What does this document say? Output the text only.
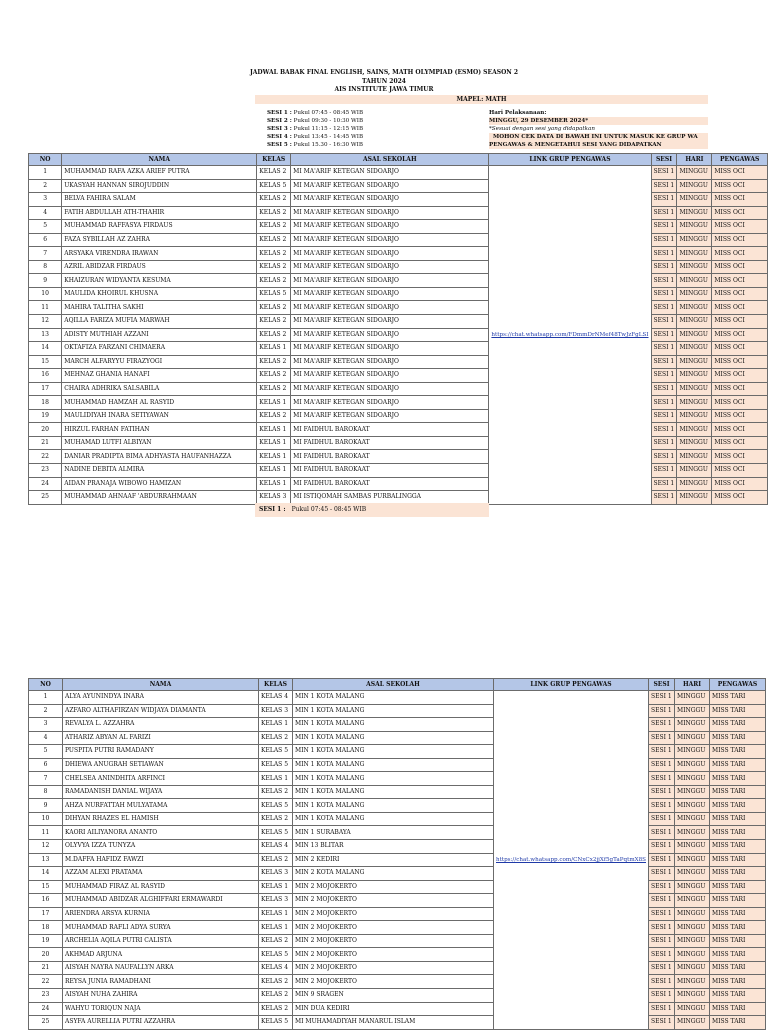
JADWAL BABAK FINAL ENGLISH, SAINS, MATH OLYMPIAD (ESMO) SEASON 2
TAHUN 2024
AIS INSTITUTE JAWA TIMUR
MAPEL: MATH
SESI 1 : Pukul 07:45 - 08:45 WIB
SESI 2 : Pukul 09:30 - 10:30 WIB
SESI 3 : Pukul 11:15 - 12:15 WIB
SESI 4 : Pukul 13:45 - 14:45 WIB
SESI 5 : Pukul 15.30 - 16:30 WIB
Hari Pelaksanaan:
MINGGU, 29 DESEMBER 2024*
*Sesuai dengan sesi yang didapatkan
MOHON CEK DATA DI BAWAH INI UNTUK MASUK KE GRUP WA
PENGAWAS & MENGETAHUI SESI YANG DIDAPATKAN
NO	NAMA	KELAS	ASAL SEKOLAH	LINK GRUP PENGAWAS	SESI	HARI	PENGAWAS
1	MUHAMMAD RAFA AZKA ARIEF PUTRA	KELAS 2	MI MA'ARIF KETEGAN SIDOARJO	https://chat.whatsapp.com/FDmmDrNMef48TwJzFgLSI	SESI 1	MINGGU	MISS OCI
2	UKASYAH HANNAN SIROJUDDIN	KELAS 5	MI MA'ARIF KETEGAN SIDOARJO		SESI 1	MINGGU	MISS OCI
3	BELVA FAHIRA SALAM	KELAS 2	MI MA'ARIF KETEGAN SIDOARJO		SESI 1	MINGGU	MISS OCI
4	FATIH ABDULLAH ATH-THAHIR	KELAS 2	MI MA'ARIF KETEGAN SIDOARJO		SESI 1	MINGGU	MISS OCI
5	MUHAMMAD RAFFASYA FIRDAUS	KELAS 2	MI MA'ARIF KETEGAN SIDOARJO		SESI 1	MINGGU	MISS OCI
6	FAZA SYBILLAH AZ ZAHRA	KELAS 2	MI MA'ARIF KETEGAN SIDOARJO		SESI 1	MINGGU	MISS OCI
7	ARSYAKA VIRENDRA IRAWAN	KELAS 2	MI MA'ARIF KETEGAN SIDOARJO		SESI 1	MINGGU	MISS OCI
8	AZRIL ABIDZAR FIRDAUS	KELAS 2	MI MA'ARIF KETEGAN SIDOARJO		SESI 1	MINGGU	MISS OCI
9	KHAIZURAN WIDYANTA KESUMA	KELAS 2	MI MA'ARIF KETEGAN SIDOARJO		SESI 1	MINGGU	MISS OCI
10	MAULIDA KHOIRUL KHUSNA	KELAS 5	MI MA'ARIF KETEGAN SIDOARJO		SESI 1	MINGGU	MISS OCI
11	MAHIRA TALITHA SAKHI	KELAS 2	MI MA'ARIF KETEGAN SIDOARJO		SESI 1	MINGGU	MISS OCI
12	AQILLA FARIZA MUFIA MARWAH	KELAS 2	MI MA'ARIF KETEGAN SIDOARJO		SESI 1	MINGGU	MISS OCI
13	ADISTY MUTHIAH AZZANI	KELAS 2	MI MA'ARIF KETEGAN SIDOARJO		SESI 1	MINGGU	MISS OCI
14	OKTAFIZA FARZANI CHIMAERA	KELAS 1	MI MA'ARIF KETEGAN SIDOARJO		SESI 1	MINGGU	MISS OCI
15	MARCH ALFARYYU FIRAZYOGI	KELAS 2	MI MA'ARIF KETEGAN SIDOARJO		SESI 1	MINGGU	MISS OCI
16	MEHNAZ GHANIA HANAFI	KELAS 2	MI MA'ARIF KETEGAN SIDOARJO		SESI 1	MINGGU	MISS OCI
17	CHAIRA ADHRIKA SALSABILA	KELAS 2	MI MA'ARIF KETEGAN SIDOARJO		SESI 1	MINGGU	MISS OCI
18	MUHAMMAD HAMZAH AL RASYID	KELAS 1	MI MA'ARIF KETEGAN SIDOARJO		SESI 1	MINGGU	MISS OCI
19	MAULIDIYAH INARA SETIYAWAN	KELAS 2	MI MA'ARIF KETEGAN SIDOARJO		SESI 1	MINGGU	MISS OCI
20	HIRZUL FARHAN FATIHAN	KELAS 1	MI FAIDHUL BAROKAAT		SESI 1	MINGGU	MISS OCI
21	MUHAMAD LUTFI ALBIYAN	KELAS 1	MI FAIDHUL BAROKAAT		SESI 1	MINGGU	MISS OCI
22	DANIAR PRADIPTA BIMA ADHYASTA HAUFANHAZZA	KELAS 1	MI FAIDHUL BAROKAAT		SESI 1	MINGGU	MISS OCI
23	NADINE DEBITA ALMIRA	KELAS 1	MI FAIDHUL BAROKAAT		SESI 1	MINGGU	MISS OCI
24	AIDAN PRANAJA WIBOWO HAMIZAN	KELAS 1	MI FAIDHUL BAROKAAT		SESI 1	MINGGU	MISS OCI
25	MUHAMMAD AHNAAF 'ABDURRAHMAAN	KELAS 3	MI ISTIQOMAH SAMBAS PURBALINGGA		SESI 1	MINGGU	MISS OCI
SESI 1 : Pukul 07:45 - 08:45 WIB
NO	NAMA	KELAS	ASAL SEKOLAH	LINK GRUP PENGAWAS	SESI	HARI	PENGAWAS
1	ALYA AYUNINDYA INARA	KELAS 4	MIN 1 KOTA MALANG	https://chat.whatsapp.com/CNxCx2jjXf5gTaPqtmX8S	SESI 1	MINGGU	MISS TARI
2	AZFARO ALTHAFIRZAN WIDJAYA DIAMANTA	KELAS 3	MIN 1 KOTA MALANG		SESI 1	MINGGU	MISS TARI
3	REVALYA L. AZZAHRA	KELAS 1	MIN 1 KOTA MALANG		SESI 1	MINGGU	MISS TARI
4	ATHARIZ ABYAN AL FARIZI	KELAS 2	MIN 1 KOTA MALANG		SESI 1	MINGGU	MISS TARI
5	PUSPITA PUTRI RAMADANY	KELAS 5	MIN 1 KOTA MALANG		SESI 1	MINGGU	MISS TARI
6	DHIEWA ANUGRAH SETIAWAN	KELAS 5	MIN 1 KOTA MALANG		SESI 1	MINGGU	MISS TARI
7	CHELSEA ANINDHITA ARFINCI	KELAS 1	MIN 1 KOTA MALANG		SESI 1	MINGGU	MISS TARI
8	RAMADANISH DANIAL WIJAYA	KELAS 2	MIN 1 KOTA MALANG		SESI 1	MINGGU	MISS TARI
9	AHZA NURFATTAH MULYATAMA	KELAS 5	MIN 1 KOTA MALANG		SESI 1	MINGGU	MISS TARI
10	DIHYAN RHAZES EL HAMISH	KELAS 2	MIN 1 KOTA MALANG		SESI 1	MINGGU	MISS TARI
11	KAORI AILIYANORA ANANTO	KELAS 5	MIN 1 SURABAYA		SESI 1	MINGGU	MISS TARI
12	OLYVYA IZZA TUNYZA	KELAS 4	MIN 13 BLITAR		SESI 1	MINGGU	MISS TARI
13	M.DAFFA HAFIDZ FAWZI	KELAS 2	MIN 2 KEDIRI		SESI 1	MINGGU	MISS TARI
14	AZZAM ALEXI PRATAMA	KELAS 3	MIN 2 KOTA MALANG		SESI 1	MINGGU	MISS TARI
15	MUHAMMAD FIRAZ AL RASYID	KELAS 1	MIN 2 MOJOKERTO		SESI 1	MINGGU	MISS TARI
16	MUHAMMAD ABIDZAR ALGHIFFARI ERMAWARDI	KELAS 3	MIN 2 MOJOKERTO		SESI 1	MINGGU	MISS TARI
17	ARIENDRA ARSYA KURNIA	KELAS 1	MIN 2 MOJOKERTO		SESI 1	MINGGU	MISS TARI
18	MUHAMMAD RAFLI ADYA SURYA	KELAS 1	MIN 2 MOJOKERTO		SESI 1	MINGGU	MISS TARI
19	ARCHELIA AQILA PUTRI CALISTA	KELAS 2	MIN 2 MOJOKERTO		SESI 1	MINGGU	MISS TARI
20	AKHMAD ARJUNA	KELAS 5	MIN 2 MOJOKERTO		SESI 1	MINGGU	MISS TARI
21	AISYAH NAYRA NAUFALLYN ARKA	KELAS 4	MIN 2 MOJOKERTO		SESI 1	MINGGU	MISS TARI
22	REYSA JUNIA RAMADHANI	KELAS 2	MIN 2 MOJOKERTO		SESI 1	MINGGU	MISS TARI
23	AISYAH NUHA ZAHIRA	KELAS 2	MIN 9 SRAGEN		SESI 1	MINGGU	MISS TARI
24	WAHYU TORIQUN NAJA	KELAS 2	MIN DUA KEDIRI		SESI 1	MINGGU	MISS TARI
25	ASYFA AURELLIA PUTRI AZZAHRA	KELAS 5	MI MUHAMADIYAH MANARUL ISLAM		SESI 1	MINGGU	MISS TARI
